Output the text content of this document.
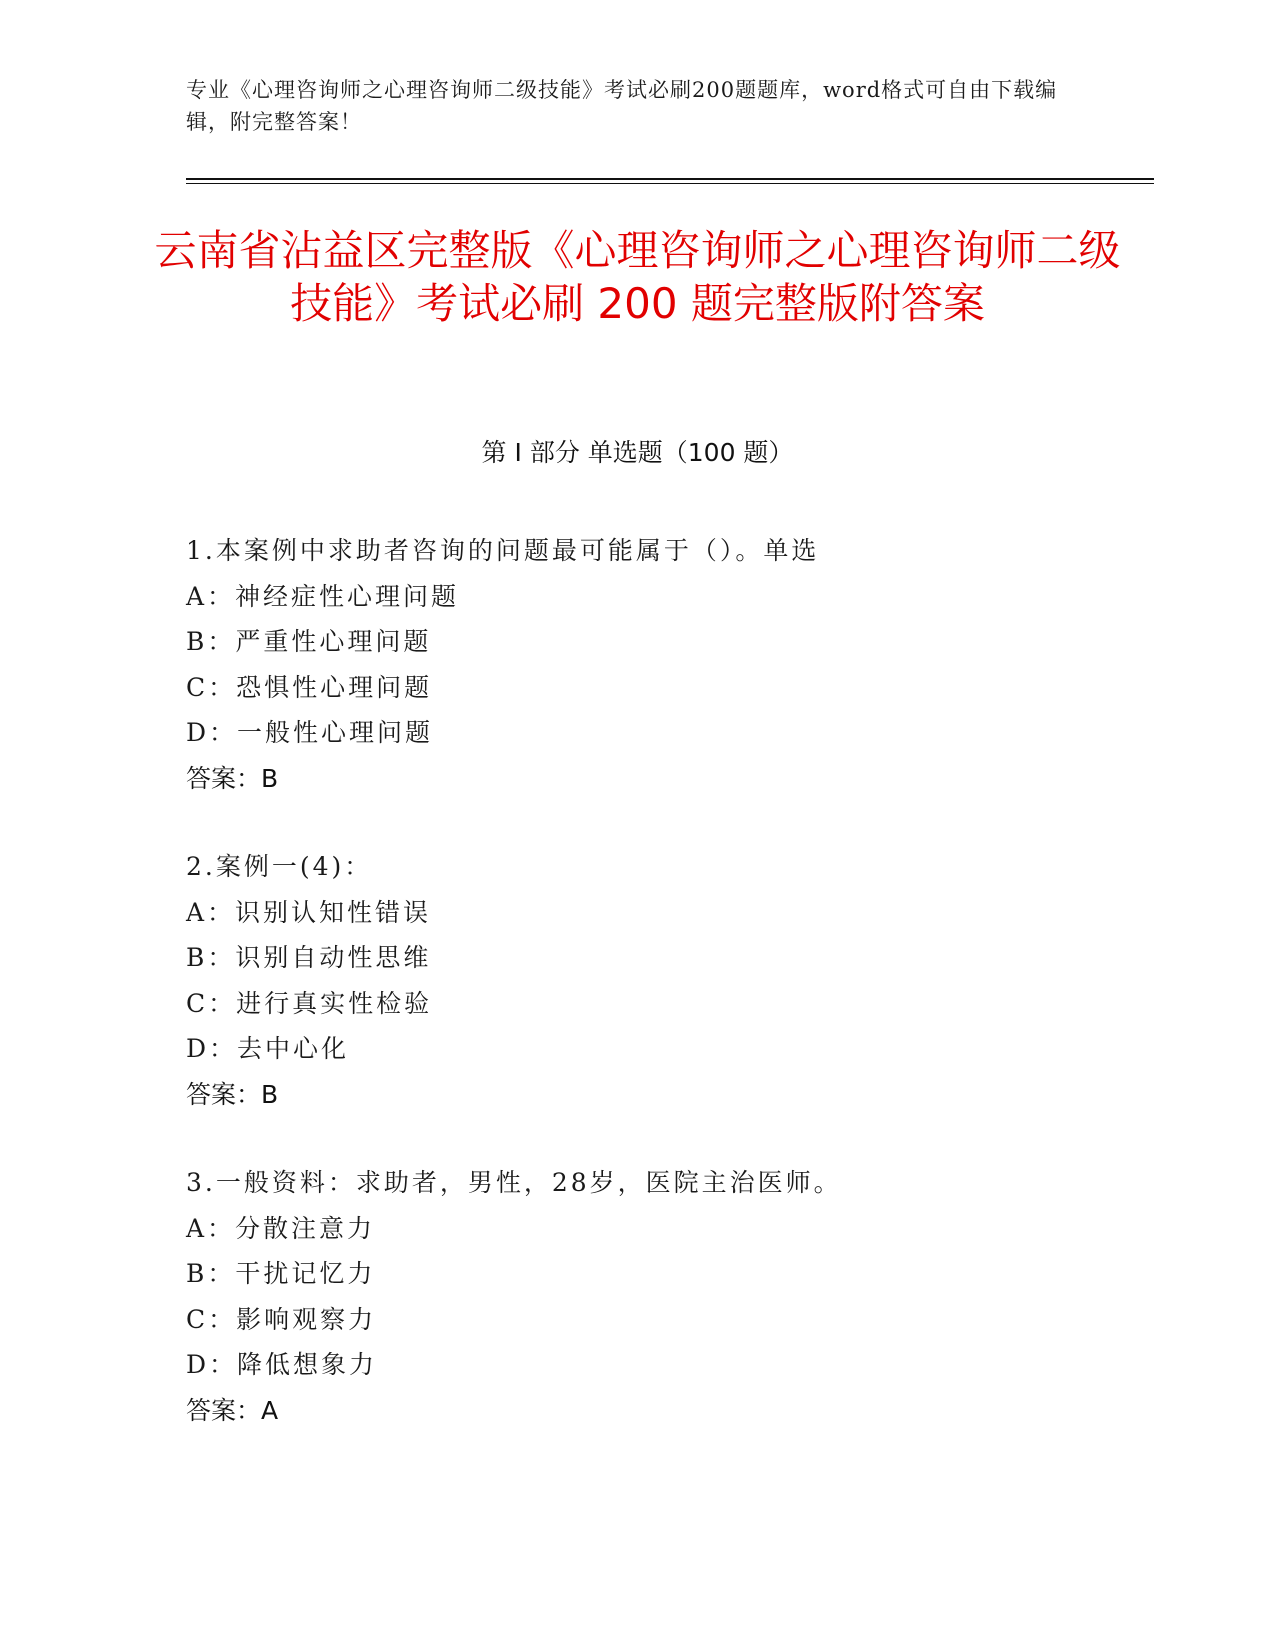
专业《心理咨询师之心理咨询师二级技能》考试必刷200题题库，word格式可自由下载编辑，附完整答案！
云南省沾益区完整版《心理咨询师之心理咨询师二级技能》考试必刷 200 题完整版附答案
第 I 部分 单选题（100 题）
1.本案例中求助者咨询的问题最可能属于（）。单选
A：神经症性心理问题
B：严重性心理问题
C：恐惧性心理问题
D：一般性心理问题
答案：B
2.案例一(4)：
A：识别认知性错误
B：识别自动性思维
C：进行真实性检验
D：去中心化
答案：B
3.一般资料：求助者，男性，28岁，医院主治医师。
A：分散注意力
B：干扰记忆力
C：影响观察力
D：降低想象力
答案：A
